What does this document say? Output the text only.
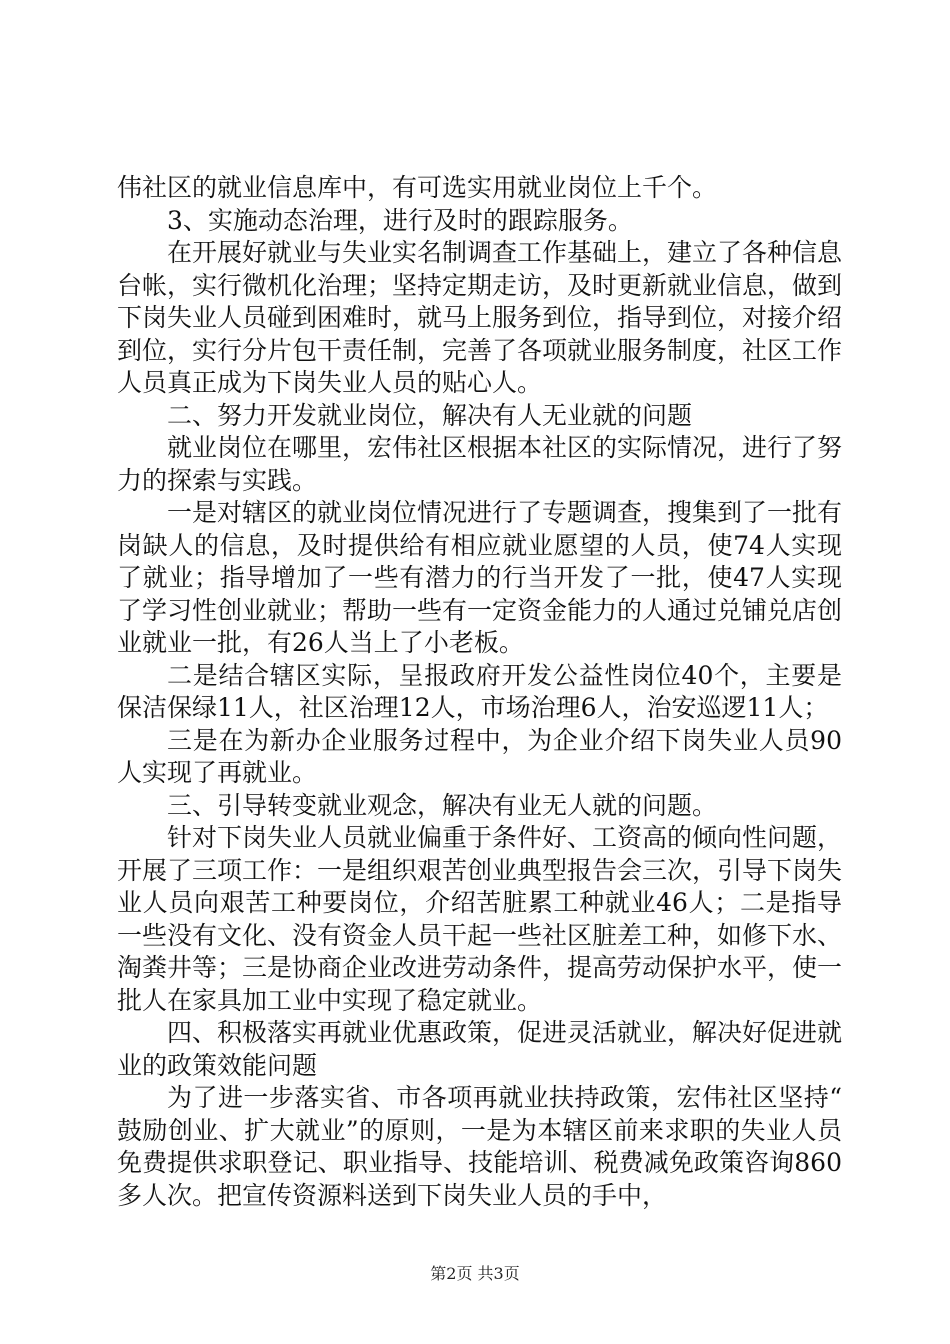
伟社区的就业信息库中，有可选实用就业岗位上千个。

3、实施动态治理，进行及时的跟踪服务。

在开展好就业与失业实名制调查工作基础上，建立了各种信息台帐，实行微机化治理；坚持定期走访，及时更新就业信息，做到下岗失业人员碰到困难时，就马上服务到位，指导到位，对接介绍到位，实行分片包干责任制，完善了各项就业服务制度，社区工作人员真正成为下岗失业人员的贴心人。

二、努力开发就业岗位，解决有人无业就的问题

就业岗位在哪里，宏伟社区根据本社区的实际情况，进行了努力的探索与实践。

一是对辖区的就业岗位情况进行了专题调查，搜集到了一批有岗缺人的信息，及时提供给有相应就业愿望的人员，使74人实现了就业；指导增加了一些有潜力的行当开发了一批，使47人实现了学习性创业就业；帮助一些有一定资金能力的人通过兑铺兑店创业就业一批，有26人当上了小老板。

二是结合辖区实际，呈报政府开发公益性岗位40个，主要是保洁保绿11人，社区治理12人，市场治理6人，治安巡逻11人；

三是在为新办企业服务过程中，为企业介绍下岗失业人员90人实现了再就业。

三、引导转变就业观念，解决有业无人就的问题。

针对下岗失业人员就业偏重于条件好、工资高的倾向性问题，开展了三项工作：一是组织艰苦创业典型报告会三次，引导下岗失业人员向艰苦工种要岗位，介绍苦脏累工种就业46人；二是指导一些没有文化、没有资金人员干起一些社区脏差工种，如修下水、淘粪井等；三是协商企业改进劳动条件，提高劳动保护水平，使一批人在家具加工业中实现了稳定就业。

四、积极落实再就业优惠政策，促进灵活就业，解决好促进就业的政策效能问题

为了进一步落实省、市各项再就业扶持政策，宏伟社区坚持“鼓励创业、扩大就业”的原则，一是为本辖区前来求职的失业人员免费提供求职登记、职业指导、技能培训、税费减免政策咨询860多人次。把宣传资源料送到下岗失业人员的手中，

第2页 共3页
